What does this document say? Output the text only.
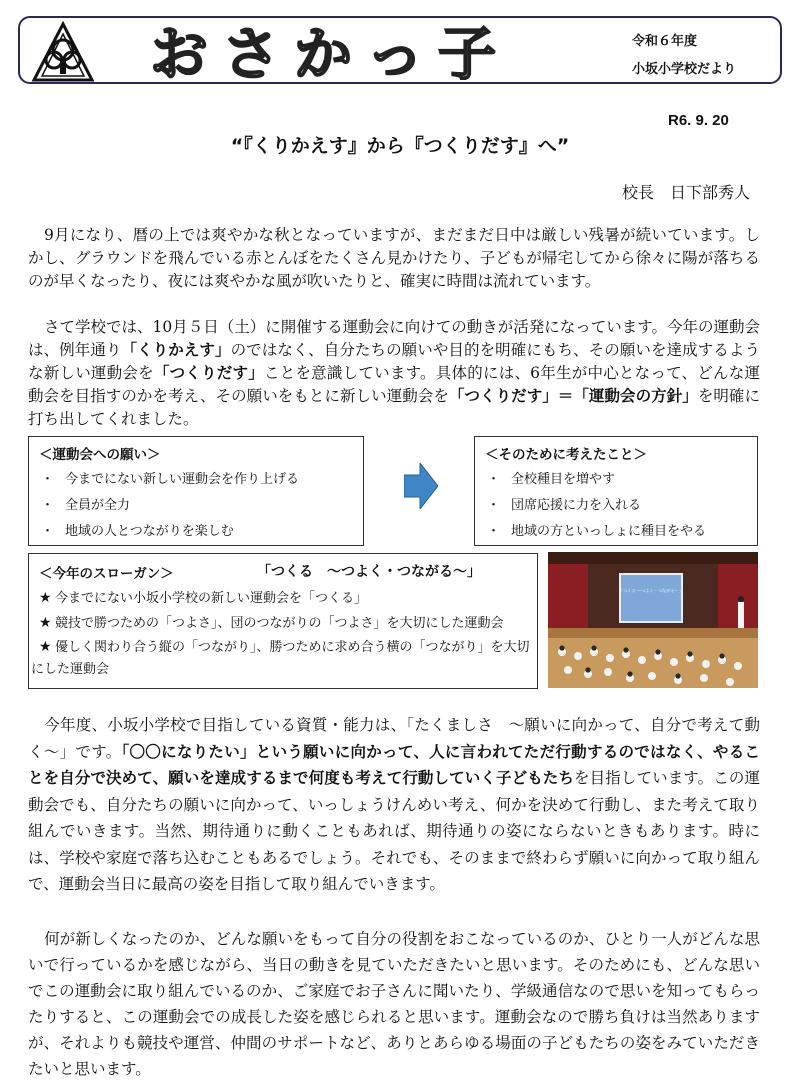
おさかっ子	令和６年度
小坂小学校だより
R6. 9. 20
“『くりかえす』から『つくりだす』へ”
校長　日下部秀人

9月になり、暦の上では爽やかな秋となっていますが、まだまだ日中は厳しい残暑が続いています。しかし、グラウンドを飛んでいる赤とんぼをたくさん見かけたり、子どもが帰宅してから徐々に陽が落ちるのが早くなったり、夜には爽やかな風が吹いたりと、確実に時間は流れています。

さて学校では、10月５日（土）に開催する運動会に向けての動きが活発になっています。今年の運動会は、例年通り「くりかえす」のではなく、自分たちの願いや目的を明確にもち、その願いを達成するような新しい運動会を「つくりだす」ことを意識しています。具体的には、6年生が中心となって、どんな運動会を目指すのかを考え、その願いをもとに新しい運動会を「つくりだす」＝「運動会の方針」を明確に打ち出してくれました。

＜運動会への願い＞
・ 今までにない新しい運動会を作り上げる
・ 全員が全力
・ 地域の人とつながりを楽しむ
＜そのために考えたこと＞
・ 全校種目を増やす
・ 団席応援に力を入れる
・ 地域の方といっしょに種目をやる
＜今年のスローガン＞	「つくる　～つよく・つながる～」
★ 今までにない小坂小学校の新しい運動会を「つくる」
★ 競技で勝つための「つよさ」、団のつながりの「つよさ」を大切にした運動会
★ 優しく関わり合う縦の「つながり」、勝つために求め合う横の「つながり」を大切にした運動会
「つくる ～つよく・つながる～」

今年度、小坂小学校で目指している資質・能力は、「たくましさ　～願いに向かって、自分で考えて動く～」です。「〇〇になりたい」という願いに向かって、人に言われてただ行動するのではなく、やることを自分で決めて、願いを達成するまで何度も考えて行動していく子どもたちを目指しています。この運動会でも、自分たちの願いに向かって、いっしょうけんめい考え、何かを決めて行動し、また考えて取り組んでいきます。当然、期待通りに動くこともあれば、期待通りの姿にならないときもあります。時には、学校や家庭で落ち込むこともあるでしょう。それでも、そのままで終わらず願いに向かって取り組んで、運動会当日に最高の姿を目指して取り組んでいきます。

何が新しくなったのか、どんな願いをもって自分の役割をおこなっているのか、ひとり一人がどんな思いで行っているかを感じながら、当日の動きを見ていただきたいと思います。そのためにも、どんな思いでこの運動会に取り組んでいるのか、ご家庭でお子さんに聞いたり、学級通信なので思いを知ってもらったりすると、この運動会での成長した姿を感じられると思います。運動会なので勝ち負けは当然ありますが、それよりも競技や運営、仲間のサポートなど、ありとあらゆる場面の子どもたちの姿をみていただきたいと思います。
